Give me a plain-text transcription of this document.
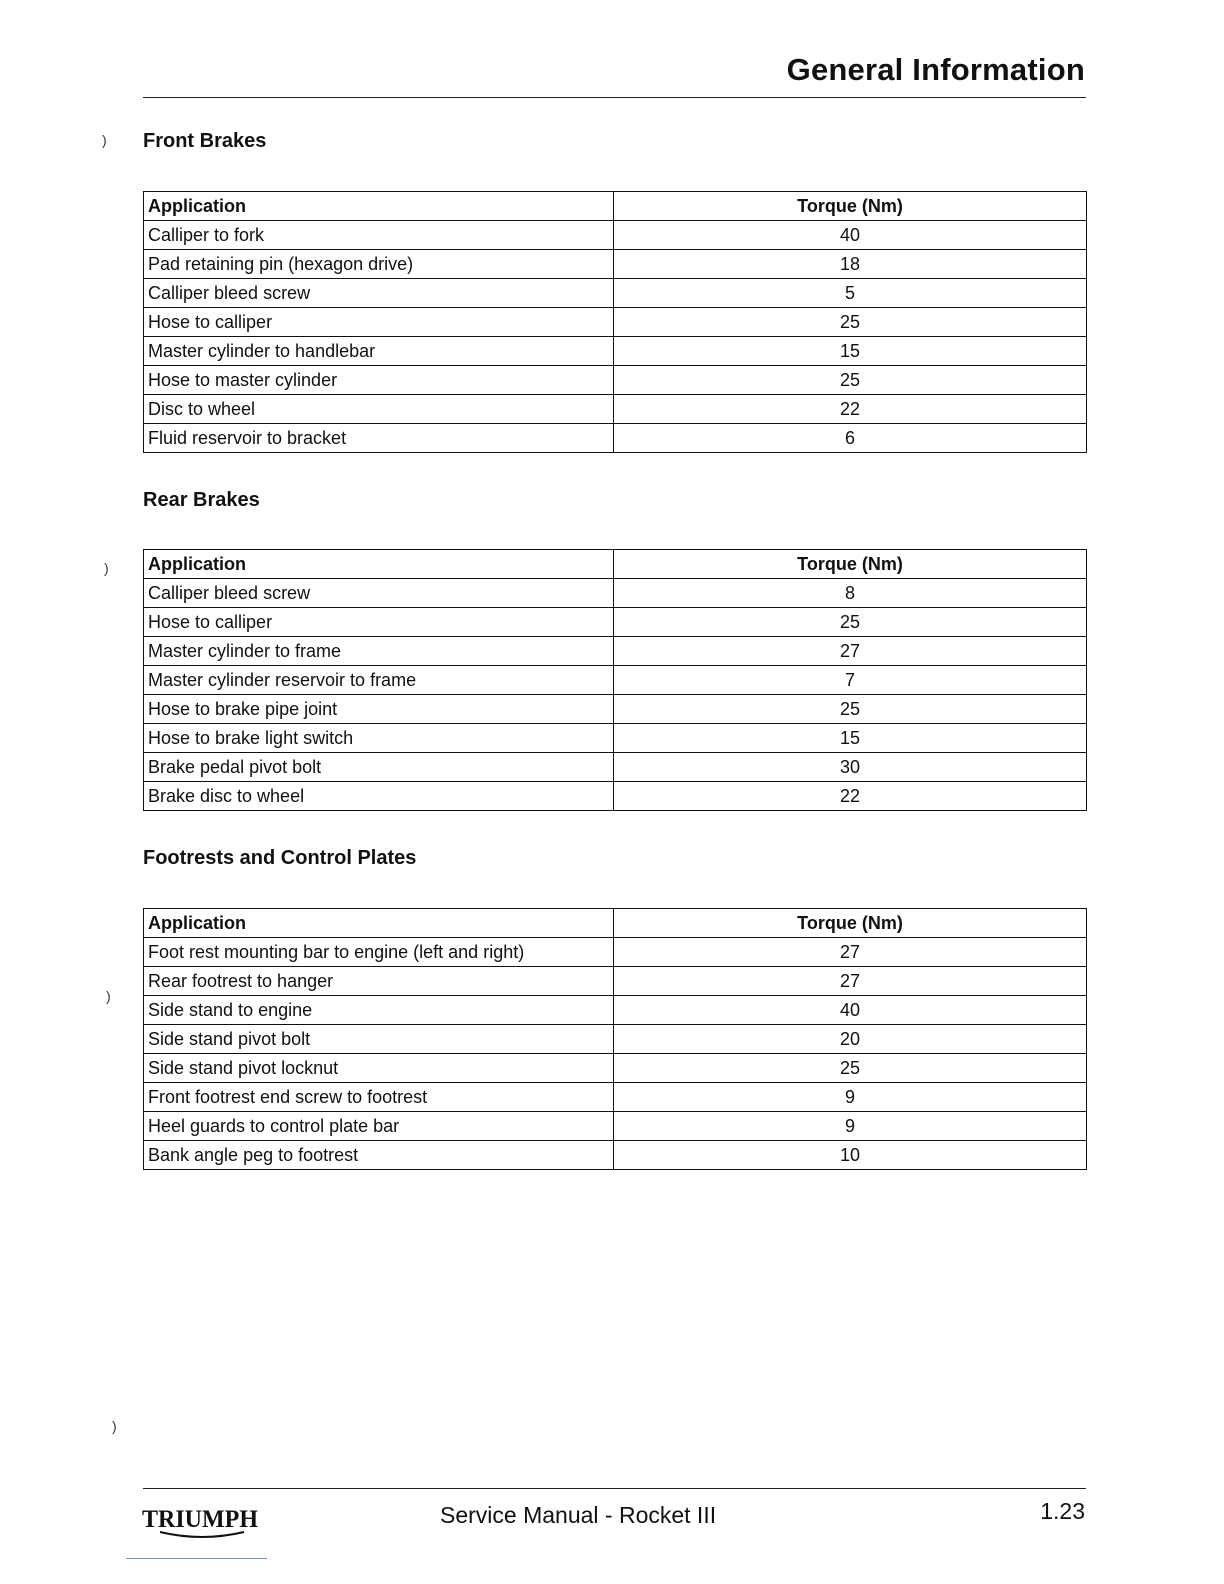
General Information
)
)
)
)
Front Brakes
Application	Torque (Nm)
Calliper to fork	40
Pad retaining pin (hexagon drive)	18
Calliper bleed screw	5
Hose to calliper	25
Master cylinder to handlebar	15
Hose to master cylinder	25
Disc to wheel	22
Fluid reservoir to bracket	6
Rear Brakes
Application	Torque (Nm)
Calliper bleed screw	8
Hose to calliper	25
Master cylinder to frame	27
Master cylinder reservoir to frame	7
Hose to brake pipe joint	25
Hose to brake light switch	15
Brake pedal pivot bolt	30
Brake disc to wheel	22
Footrests and Control Plates
Application	Torque (Nm)
Foot rest mounting bar to engine (left and right)	27
Rear footrest to hanger	27
Side stand to engine	40
Side stand pivot bolt	20
Side stand pivot locknut	25
Front footrest end screw to footrest	9
Heel guards to control plate bar	9
Bank angle peg to footrest	10
TRIUMPH	Service Manual - Rocket III	1.23
